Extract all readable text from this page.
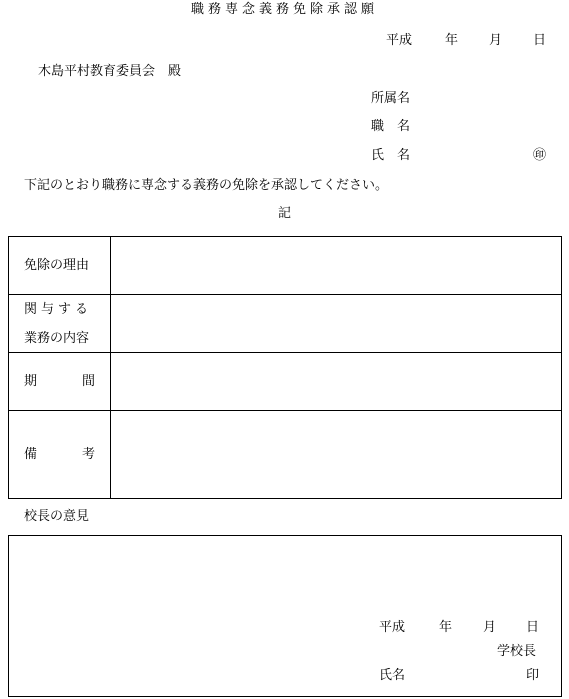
職務専念義務免除承認願
平成	年 月 日
木島平村教育委員会　殿
所属名
職　名
氏　名	㊞
下記のとおり職務に専念する義務の免除を承認してください。
記
免除の理由
関与する
業務の内容
期	間
備	考
校長の意見
平成	年 月 日
学校長
氏名	印
